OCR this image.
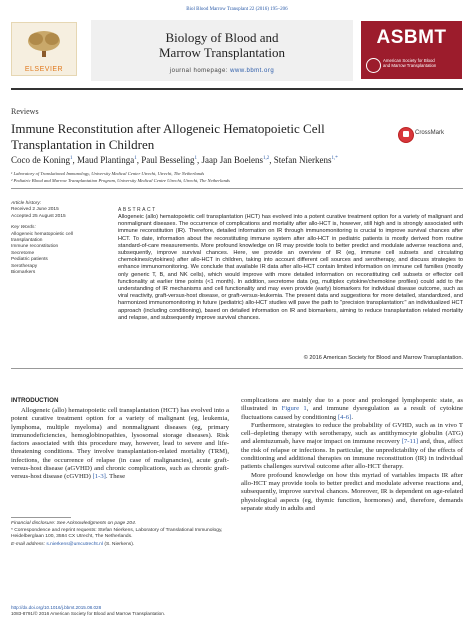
Biol Blood Marrow Transplant 22 (2016) 195–206
ELSEVIER
Biology of Blood and
Marrow Transplantation
journal homepage: www.bbmt.org
ASBMT
American Society for Blood
and Marrow Transplantation
Reviews
Immune Reconstitution after Allogeneic Hematopoietic Cell Transplantation in Children
CrossMark
Coco de Koning$^1$, Maud Plantinga$^1$, Paul Besseling$^1$, Jaap Jan Boelens$^{1,2}$, Stefan Nierkens$^{1,*}$
¹ Laboratory of Translational Immunology, University Medical Center Utrecht, Utrecht, The Netherlands
² Pediatric Blood and Marrow Transplantation Program, University Medical Centre Utrecht, Utrecht, The Netherlands
Article history:
Received 2 June 2015
Accepted 25 August 2015
Key Words:
Allogeneic hematopoietic cell
transplantation
Immune reconstitution
Secretome
Pediatric patients
Serotherapy
Biomarkers
ABSTRACT
Allogeneic (allo) hematopoietic cell transplantation (HCT) has evolved into a potent curative treatment option for a variety of malignant and nonmalignant diseases. The occurrence of complications and mortality after allo-HCT is, however, still high and is strongly associated with immune reconstitution (IR). Therefore, detailed information on IR through immunomonitoring is crucial to improve survival chances after HCT. To date, information about the reconstituting immune system after allo-HCT in pediatric patients is mostly derived from routine standard-of-care measurements. More profound knowledge on IR may provide tools to better predict and modulate adverse reactions and, subsequently, improve survival chances. Here, we provide an overview of IR (eg, immune cell subsets and circulating chemokines/cytokines) after allo-HCT in children, taking into account different cell sources and serotherapy, and discuss strategies to enhance immunomonitoring. We conclude that available IR data after allo-HCT contain limited information on immune cell families (mostly only generic T, B, and NK cells), which would improve with more detailed information on reconstituting cell subsets or effector cell functionality at earlier time points (<1 month). In addition, secretome data (eg, multiplex cytokine/chemokine profiles) could add to the understanding of IR mechanisms and cell functionality and may even provide (early) biomarkers for individual disease outcome, such as viral reactivity, graft-versus-host disease, or graft-versus-leukemia. The present data and suggestions for more detailed, standardized, and harmonized immunomonitoring in future (pediatric) allo-HCT studies will pave the path to "precision transplantation:" an individualized HCT approach (including conditioning), based on detailed information on IR and biomarkers, aiming to reduce transplantation related mortality and relapse, and subsequently improve survival chances.
© 2016 American Society for Blood and Marrow Transplantation.
INTRODUCTION

Allogeneic (allo) hematopoietic cell transplantation (HCT) has evolved into a potent curative treatment option for a variety of malignant (eg, leukemia, lymphoma, multiple myeloma) and nonmalignant diseases (eg, primary immunodeficiencies, hemoglobinopathies, lysosomal storage diseases). Risk factors associated with this procedure may, however, lead to severe and life-threatening conditions. They involve transplantation-related mortality (TRM), infections, the occurrence of relapse (in case of malignancies), acute graft-versus-host disease (aGVHD) and chronic complications, such as chronic graft-versus-host disease (cGVHD) [1-3]. These

complications are mainly due to a poor and prolonged lymphopenic state, as illustrated in Figure 1, and immune dysregulation as a result of cytokine fluctuations caused by conditioning [4-6].

Furthermore, strategies to reduce the probability of GVHD, such as in vivo T cell–depleting therapy with serotherapy, such as antithymocyte globulin (ATG) and alemtuzumab, have major impact on immune recovery [7-11] and, thus, affect the risk of relapse or infections. In particular, the unpredictability of the effects of conditioning and additional therapies on immune reconstitution (IR) in individual patients challenges survival outcome after allo-HCT therapy.

More profound knowledge on how this myriad of variables impacts IR after allo-HCT may provide tools to better predict and modulate adverse reactions and, subsequently, improve survival chances. Moreover, IR is dependent on age-related physiological aspects (eg, thymic function, hormones) and, therefore, demands separate study in adults and

Financial disclosure: See Acknowledgments on page 204.
* Correspondence and reprint requests: Stefan Nierkens, Laboratory of Translational Immunology, Heidelberglaan 100, 3584 CX Utrecht, The Netherlands.
E-mail address: s.nierkens@umcutrecht.nl (S. Nierkens).
http://dx.doi.org/10.1016/j.bbmt.2015.08.028
1083-8791/© 2016 American Society for Blood and Marrow Transplantation.
